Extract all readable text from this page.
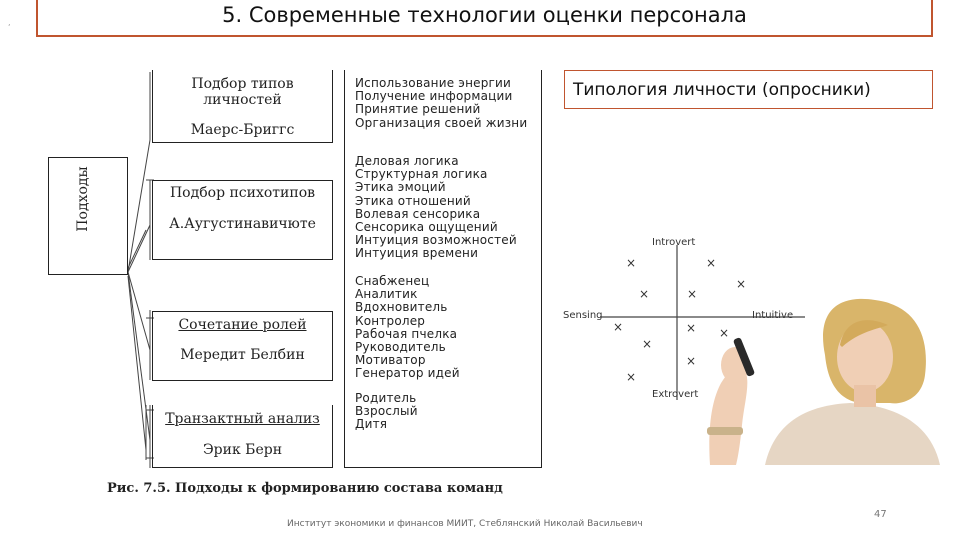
,	5. Современные технологии оценки персонала
Подходы
Подбор типов личностей
Маерс-Бриггс
Подбор психотипов
А.Аугустинавичюте
Сочетание ролей
Мередит Белбин
Транзактный анализ
Эрик Берн
Использование энергии
Получение информации
Принятие решений
Организация своей жизни
Деловая логика
Структурная логика
Этика эмоций
Этика отношений
Волевая сенсорика
Сенсорика ощущений
Интуиция возможностей
Интуиция времени
Снабженец
Аналитик
Вдохновитель
Контролер
Рабочая пчелка
Руководитель
Мотиватор
Генератор идей
Родитель
Взрослый
Дитя
Рис. 7.5. Подходы к формированию состава команд
Типология личности (опросники)
Introvert
Extrovert
Sensing	Intuitive
×	×
×
×	×
×	× ×
×
×
×
Институт экономики и финансов МИИТ, Стеблянский Николай Васильевич
47
